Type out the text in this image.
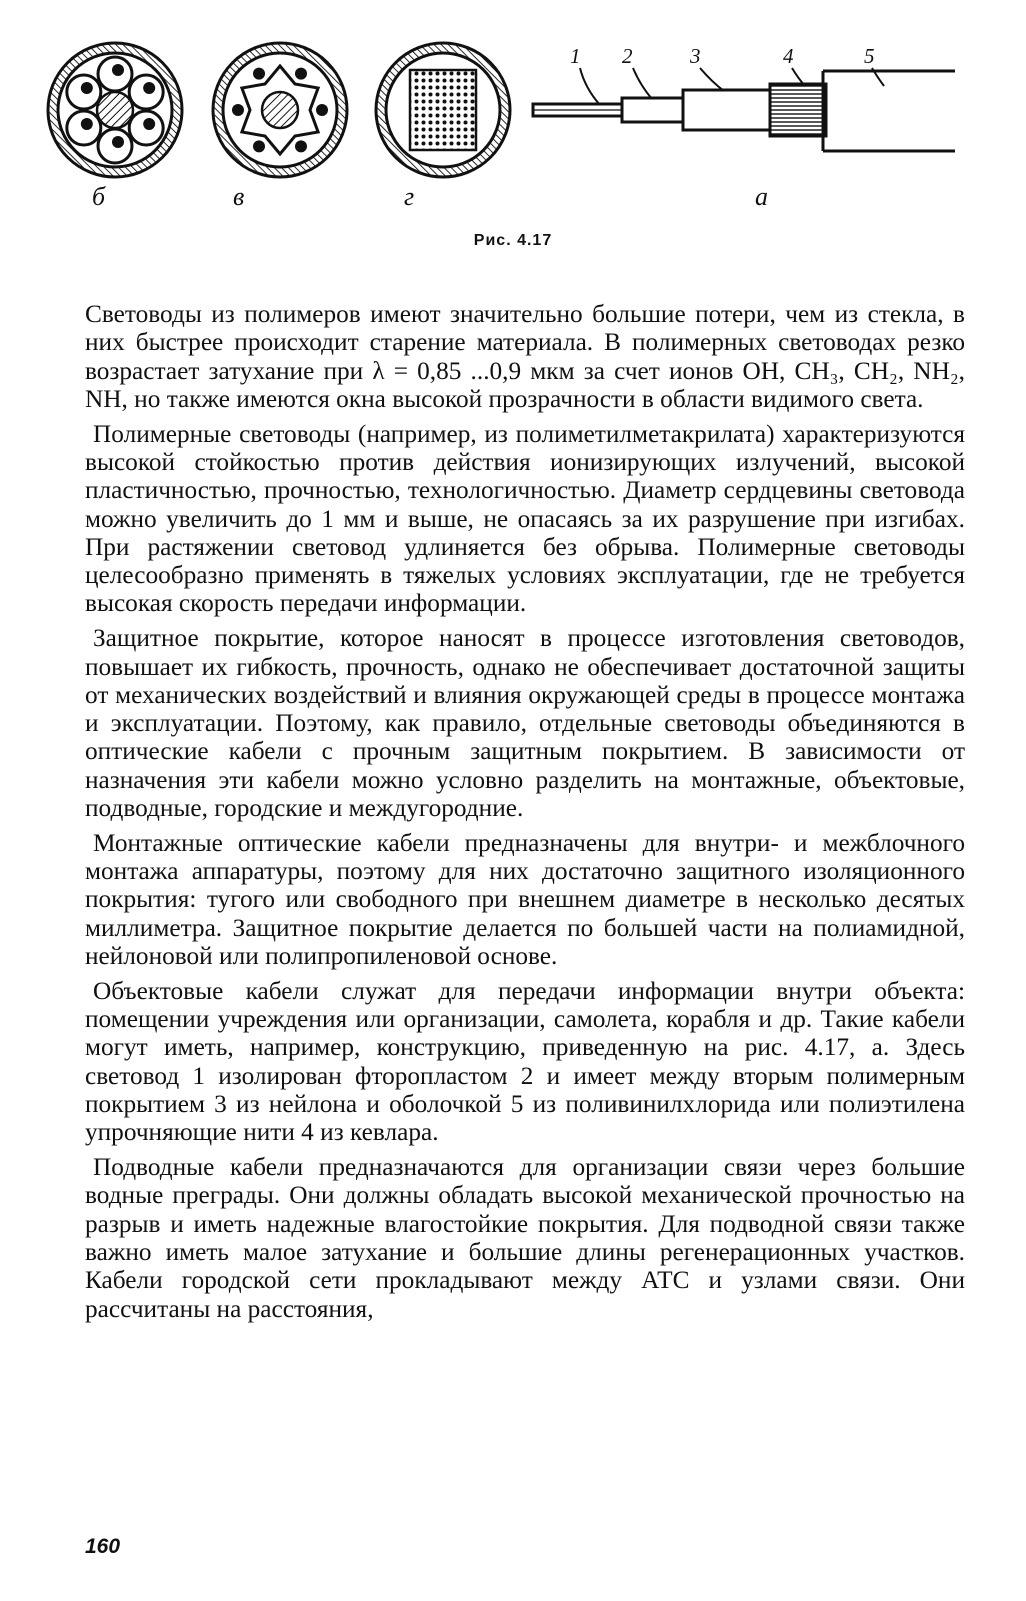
б	в	г	а
1 2	3	4	5
Рис. 4.17

Световоды из полимеров имеют значительно большие потери, чем из стекла, в них быстрее происходит старение материала. В полимерных световодах резко возрастает затухание при λ = 0,85 ...0,9 мкм за счет ионов OH, CH₃, CH₂, NH₂, NH, но также имеются окна высокой прозрачности в области видимого света.

Полимерные световоды (например, из полиметилметакрилата) характеризуются высокой стойкостью против действия ионизирующих излучений, высокой пластичностью, прочностью, технологичностью. Диаметр сердцевины световода можно увеличить до 1 мм и выше, не опасаясь за их разрушение при изгибах. При растяжении световод удлиняется без обрыва. Полимерные световоды целесообразно применять в тяжелых условиях эксплуатации, где не требуется высокая скорость передачи информации.

Защитное покрытие, которое наносят в процессе изготовления световодов, повышает их гибкость, прочность, однако не обеспечивает достаточной защиты от механических воздействий и влияния окружающей среды в процессе монтажа и эксплуатации. Поэтому, как правило, отдельные световоды объединяются в оптические кабели с прочным защитным покрытием. В зависимости от назначения эти кабели можно условно разделить на монтажные, объектовые, подводные, городские и междугородние.

Монтажные оптические кабели предназначены для внутри- и межблочного монтажа аппаратуры, поэтому для них достаточно защитного изоляционного покрытия: тугого или свободного при внешнем диаметре в несколько десятых миллиметра. Защитное покрытие делается по большей части на полиамидной, нейлоновой или полипропиленовой основе.

Объектовые кабели служат для передачи информации внутри объекта: помещении учреждения или организации, самолета, корабля и др. Такие кабели могут иметь, например, конструкцию, приведенную на рис. 4.17, а. Здесь световод 1 изолирован фторопластом 2 и имеет между вторым полимерным покрытием 3 из нейлона и оболочкой 5 из поливинилхлорида или полиэтилена упрочняющие нити 4 из кевлара.

Подводные кабели предназначаются для организации связи через большие водные преграды. Они должны обладать высокой механической прочностью на разрыв и иметь надежные влагостойкие покрытия. Для подводной связи также важно иметь малое затухание и большие длины регенерационных участков. Кабели городской сети прокладывают между АТС и узлами связи. Они рассчитаны на расстояния,

160
